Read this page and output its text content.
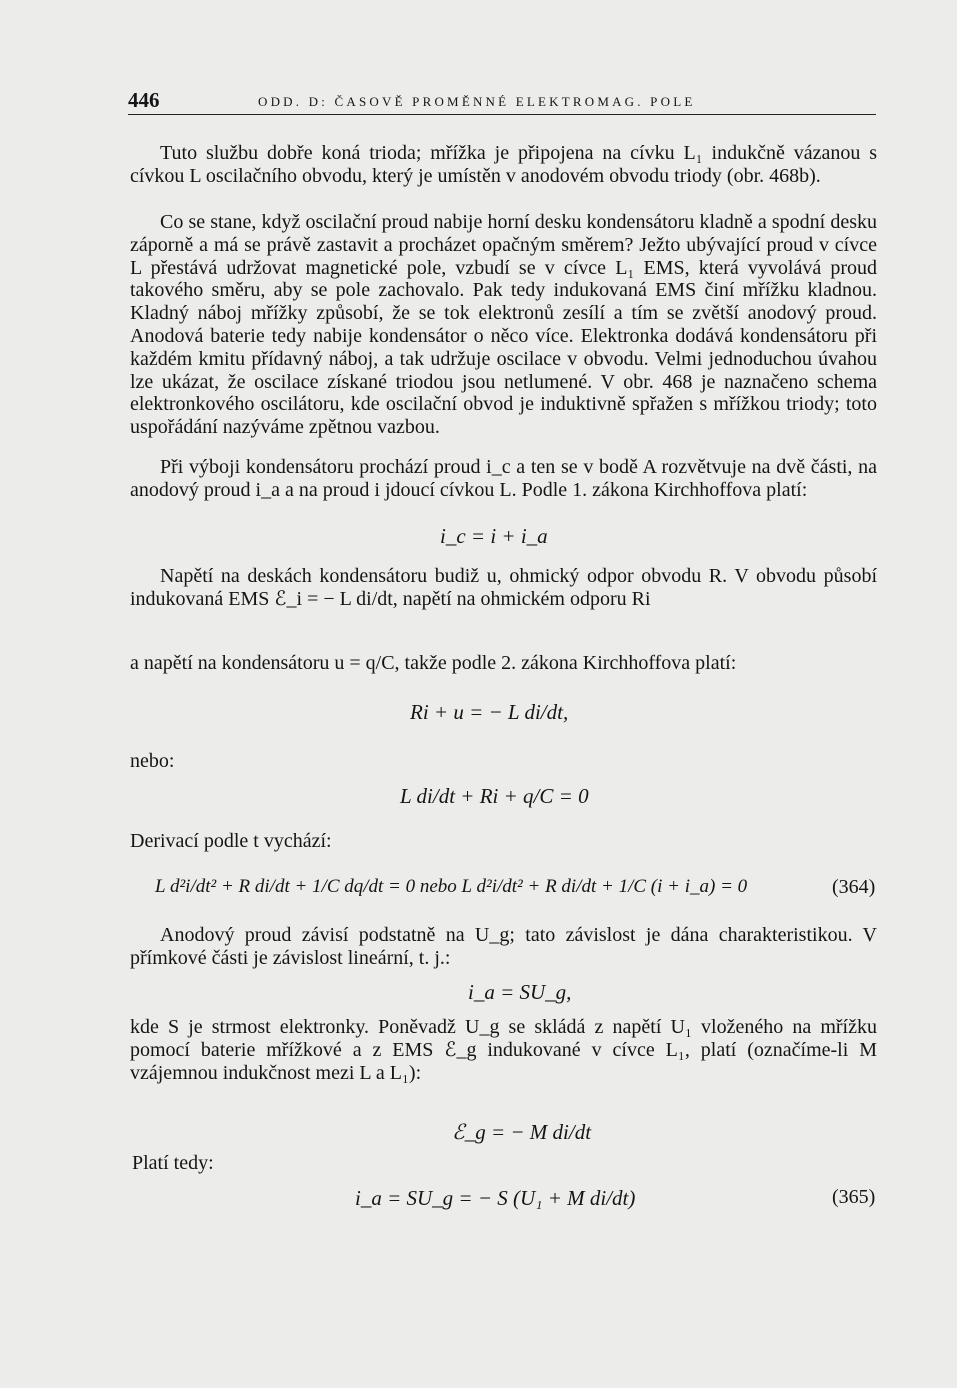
446	ODD. D: ČASOVĚ PROMĚNNÉ ELEKTROMAG. POLE

Tuto službu dobře koná trioda; mřížka je připojena na cívku L₁ indukčně vázanou s cívkou L oscilačního obvodu, který je umístěn v anodovém obvodu triody (obr. 468b).

Co se stane, když oscilační proud nabije horní desku kondensátoru kladně a spodní desku záporně a má se právě zastavit a procházet opačným směrem? Ježto ubývající proud v cívce L přestává udržovat magnetické pole, vzbudí se v cívce L₁ EMS, která vyvolává proud takového směru, aby se pole zachovalo. Pak tedy indukovaná EMS činí mřížku kladnou. Kladný náboj mřížky způsobí, že se tok elektronů zesílí a tím se zvětší anodový proud. Anodová baterie tedy nabije kondensátor o něco více. Elektronka dodává kondensátoru při každém kmitu přídavný náboj, a tak udržuje oscilace v obvodu. Velmi jednoduchou úvahou lze ukázat, že oscilace získané triodou jsou netlumené. V obr. 468 je naznačeno schema elektronkového oscilátoru, kde oscilační obvod je induktivně spřažen s mřížkou triody; toto uspořádání nazýváme zpětnou vazbou.

Při výboji kondensátoru prochází proud i_c a ten se v bodě A rozvětvuje na dvě části, na anodový proud i_a a na proud i jdoucí cívkou L. Podle 1. zákona Kirchhoffova platí:

i_c = i + i_a

Napětí na deskách kondensátoru budiž u, ohmický odpor obvodu R. V obvodu působí indukovaná EMS ℰ_i = − L di/dt, napětí na ohmickém odporu Ri

a napětí na kondensátoru u = q/C, takže podle 2. zákona Kirchhoffova platí:

Ri + u = − L di/dt,
nebo:
L di/dt + Ri + q/C = 0
Derivací podle t vychází:
L d²i/dt² + R di/dt + 1/C dq/dt = 0 nebo L d²i/dt² + R di/dt + 1/C (i + i_a) = 0	(364)

Anodový proud závisí podstatně na U_g; tato závislost je dána charakteristikou. V přímkové části je závislost lineární, t. j.:

i_a = SU_g,

kde S je strmost elektronky. Poněvadž U_g se skládá z napětí U₁ vloženého na mřížku pomocí baterie mřížkové a z EMS ℰ_g indukované v cívce L₁, platí (označíme-li M vzájemnou indukčnost mezi L a L₁):

ℰ_g = − M di/dt
Platí tedy:
i_a = SU_g = − S (U₁ + M di/dt)	(365)
